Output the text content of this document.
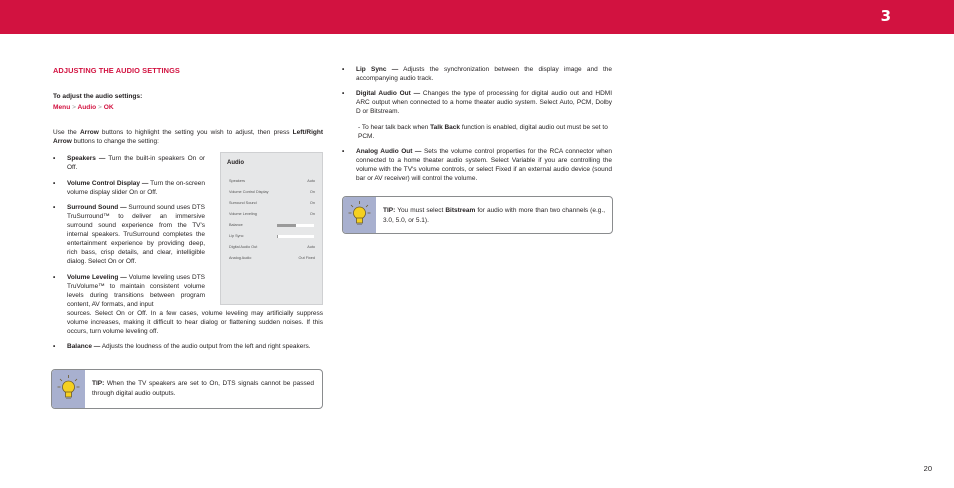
3
ADJUSTING THE AUDIO SETTINGS
To adjust the audio settings:
Menu > Audio > OK
Use the Arrow buttons to highlight the setting you wish to adjust, then press Left/Right Arrow buttons to change the setting:
• Speakers — Turn the built-in speakers On or Off.
• Volume Control Display — Turn the on-screen volume display slider On or Off.
• Surround Sound — Surround sound uses DTS TruSurround™ to deliver an immersive surround sound experience from the TV's internal speakers. TruSurround completes the entertainment experience by providing deep, rich bass, crisp details, and clear, intelligible dialog. Select On or Off.
• Volume Leveling — Volume leveling uses DTS TruVolume™ to maintain consistent volume levels during transitions between program content, AV formats, and input
sources. Select On or Off. In a few cases, volume leveling may artificially suppress volume increases, making it difficult to hear dialog or flattening sudden noises. If this occurs, turn volume leveling off.
• Balance — Adjusts the loudness of the audio output from the left and right speakers.
Audio
Speakers	Auto
Volume Control Display	On
Surround Sound	On
Volume Leveling	On
Balance
Lip Sync
Digital Audio Out	Auto
Analog Audio	Out Fixed
TIP: When the TV speakers are set to On, DTS signals cannot be passed through digital audio outputs.
• Lip Sync — Adjusts the synchronization between the display image and the accompanying audio track.
• Digital Audio Out — Changes the type of processing for digital audio out and HDMI ARC output when connected to a home theater audio system. Select Auto, PCM, Dolby D or Bitstream.
- To hear talk back when Talk Back function is enabled, digital audio out must be set to PCM.
• Analog Audio Out — Sets the volume control properties for the RCA connector when connected to a home theater audio system. Select Variable if you are controlling the volume with the TV's volume controls, or select Fixed if an external audio device (sound bar or AV receiver) will control the volume.
TIP: You must select Bitstream for audio with more than two channels (e.g., 3.0, 5.0, or 5.1).
20
